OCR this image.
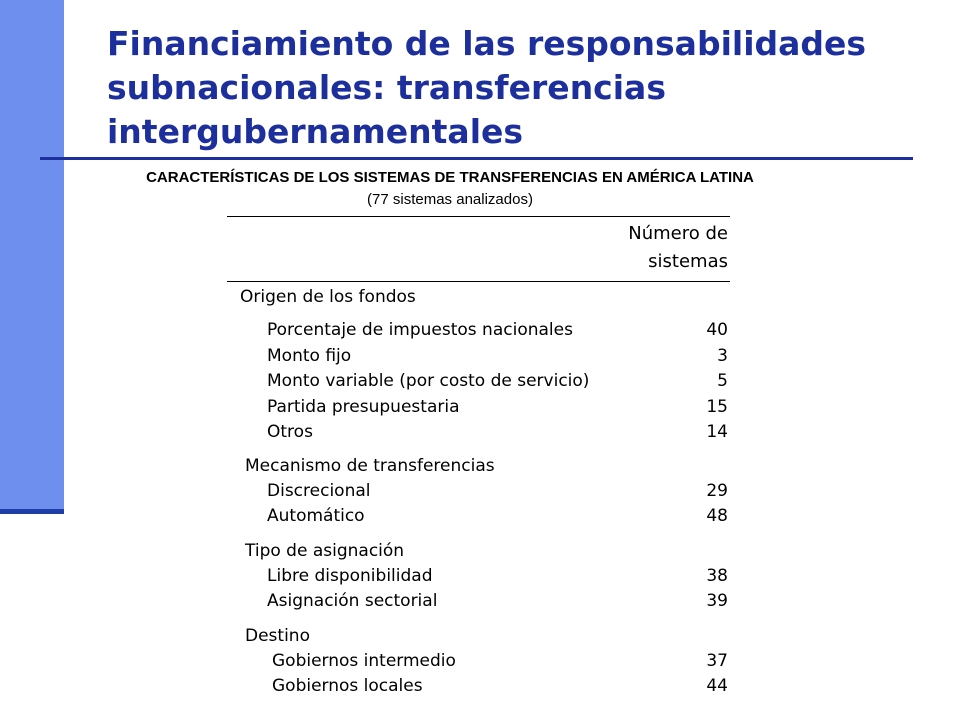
Financiamiento de las responsabilidades subnacionales: transferencias intergubernamentales
CARACTERÍSTICAS DE LOS SISTEMAS DE TRANSFERENCIAS EN AMÉRICA LATINA
(77 sistemas analizados)
Número de
sistemas
Origen de los fondos
Porcentaje de impuestos nacionales	40
Monto fijo	3
Monto variable (por costo de servicio)	5
Partida presupuestaria	15
Otros	14
Mecanismo de transferencias
Discrecional	29
Automático	48
Tipo de asignación
Libre disponibilidad	38
Asignación sectorial	39
Destino
Gobiernos intermedio	37
Gobiernos locales	44
